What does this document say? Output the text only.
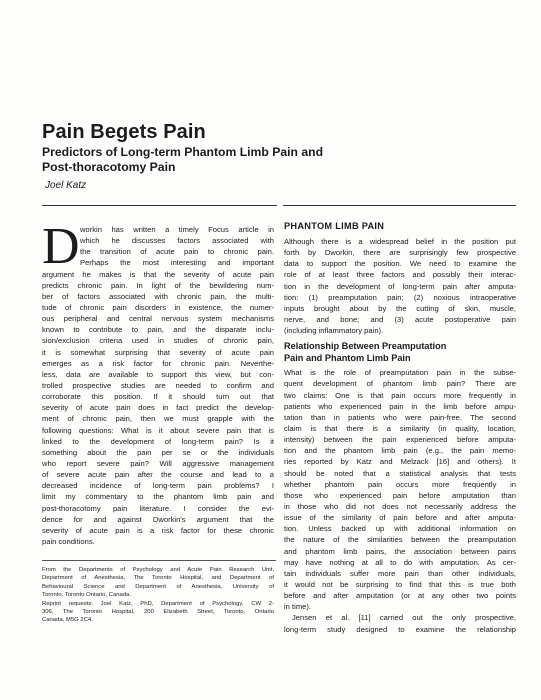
Pain Begets Pain
Predictors of Long-term Phantom Limb Pain and Post-thoracotomy Pain
Joel Katz
D workin has written a timely Focus article in
which he discusses factors associated with
the transition of acute pain to chronic pain.
Perhaps the most interesting and important
argument he makes is that the severity of acute pain
predicts chronic pain. In light of the bewildering num-
ber of factors associated with chronic pain, the multi-
tude of chronic pain disorders in existence, the numer-
ous peripheral and central nervous system mechanisms
known to contribute to pain, and the disparate inclu-
sion/exclusion criteria used in studies of chronic pain,
it is somewhat surprising that severity of acute pain
emerges as a risk factor for chronic pain. Neverthe-
less, data are available to support this view, but con-
trolled prospective studies are needed to confirm and
corroborate this position. If it should turn out that
severity of acute pain does in fact predict the develop-
ment of chronic pain, then we must grapple with the
following questions: What is it about severe pain that is
linked to the development of long-term pain? Is it
something about the pain per se or the individuals
who report severe pain? Will aggressive management
of severe acute pain after the course and lead to a
decreased incidence of long-term pain problems? I
limit my commentary to the phantom limb pain and
post-thoracotomy pain literature. I consider the evi-
dence for and against Dworkin's argument that the
severity of acute pain is a risk factor for these chronic
pain conditions.
From the Departments of Psychology and Acute Pain Research Unit,
Department of Anesthesia, The Toronto Hospital, and Department of
Behavioural Science and Department of Anesthesia, University of
Toronto, Toronto Ontario, Canada.
Reprint requests: Joel Katz, PhD, Department of Psychology, CW 2-
306, The Toronto Hospital, 200 Elizabeth Street, Toronto, Ontario
Canada, M5G 2C4.
PHANTOM LIMB PAIN
Although there is a widespread belief in the position put
forth by Dworkin, there are surprisingly few prospective
data to support the position. We need to examine the
role of at least three factors and possibly their interac-
tion in the development of long-term pain after amputa-
tion: (1) preamputation pain; (2) noxious intraoperative
inputs brought about by the cutting of skin, muscle,
nerve, and bone; and (3) acute postoperative pain
(including inflammatory pain).
Relationship Between Preamputation
Pain and Phantom Limb Pain
What is the role of preamputation pain in the subse-
quent development of phantom limb pain? There are
two claims: One is that pain occurs more frequently in
patients who experienced pain in the limb before ampu-
tation than in patients who were pain-free. The second
claim is that there is a similarity (in quality, location,
intensity) between the pain experienced before amputa-
tion and the phantom limb pain (e.g., the pain memo-
ries reported by Katz and Melzack [16] and others). It
should be noted that a statistical analysis that tests
whether phantom pain occurs more frequently in
those who experienced pain before amputation than
in those who did not does not necessarily address the
issue of the similarity of pain before and after amputa-
tion. Unless backed up with additional information on
the nature of the similarities between the preamputation
and phantom limb pains, the association between pains
may have nothing at all to do with amputation. As cer-
tain individuals suffer more pain than other individuals,
it would not be surprising to find that this is true both
before and after amputation (or at any other two points
in time).
Jensen et al. [11] carried out the only prospective,
long-term study designed to examine the relationship
